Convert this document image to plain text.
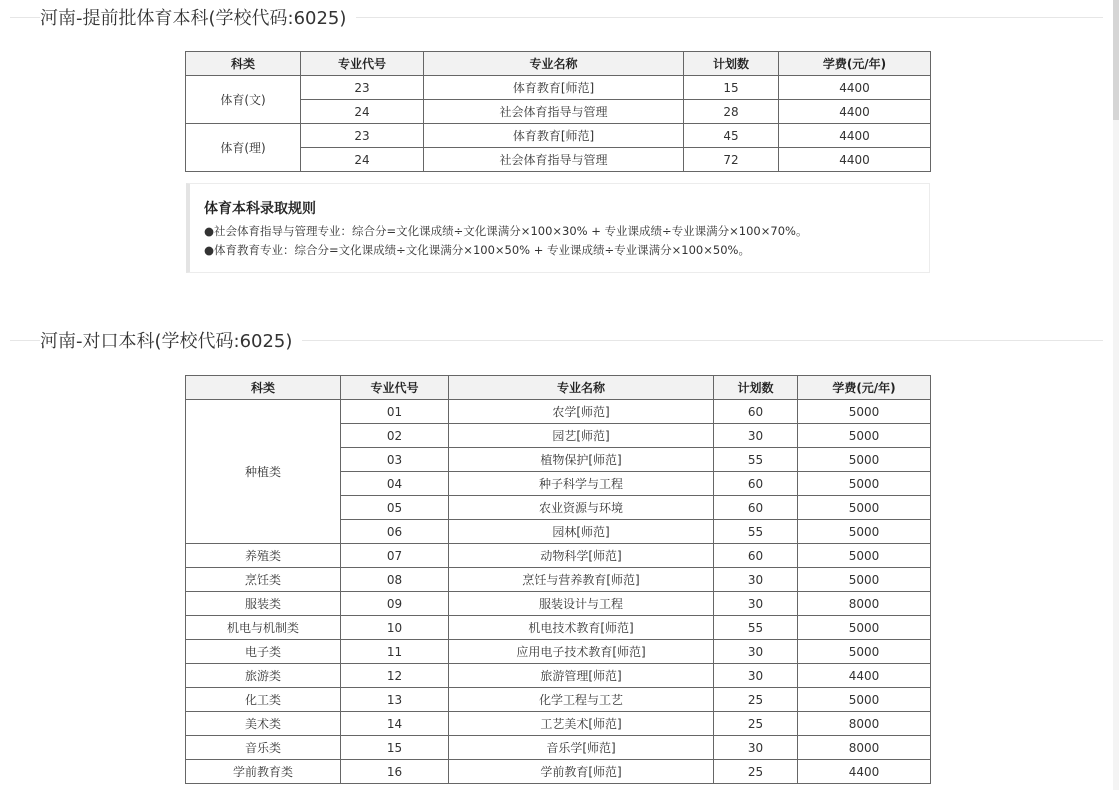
河南-提前批体育本科(学校代码:6025)
科类	专业代号	专业名称	计划数	学费(元/年)
体育(文)	23	体育教育[师范]	15	4400
	24	社会体育指导与管理	28	4400
体育(理)	23	体育教育[师范]	45	4400
	24	社会体育指导与管理	72	4400
体育本科录取规则
●社会体育指导与管理专业：综合分=文化课成绩÷文化课满分×100×30% + 专业课成绩÷专业课满分×100×70%。
●体育教育专业：综合分=文化课成绩÷文化课满分×100×50% + 专业课成绩÷专业课满分×100×50%。
河南-对口本科(学校代码:6025)
科类	专业代号	专业名称	计划数	学费(元/年)
种植类	01	农学[师范]	60	5000
	02	园艺[师范]	30	5000
	03	植物保护[师范]	55	5000
	04	种子科学与工程	60	5000
	05	农业资源与环境	60	5000
	06	园林[师范]	55	5000
养殖类	07	动物科学[师范]	60	5000
烹饪类	08	烹饪与营养教育[师范]	30	5000
服装类	09	服装设计与工程	30	8000
机电与机制类	10	机电技术教育[师范]	55	5000
电子类	11	应用电子技术教育[师范]	30	5000
旅游类	12	旅游管理[师范]	30	4400
化工类	13	化学工程与工艺	25	5000
美术类	14	工艺美术[师范]	25	8000
音乐类	15	音乐学[师范]	30	8000
学前教育类	16	学前教育[师范]	25	4400
